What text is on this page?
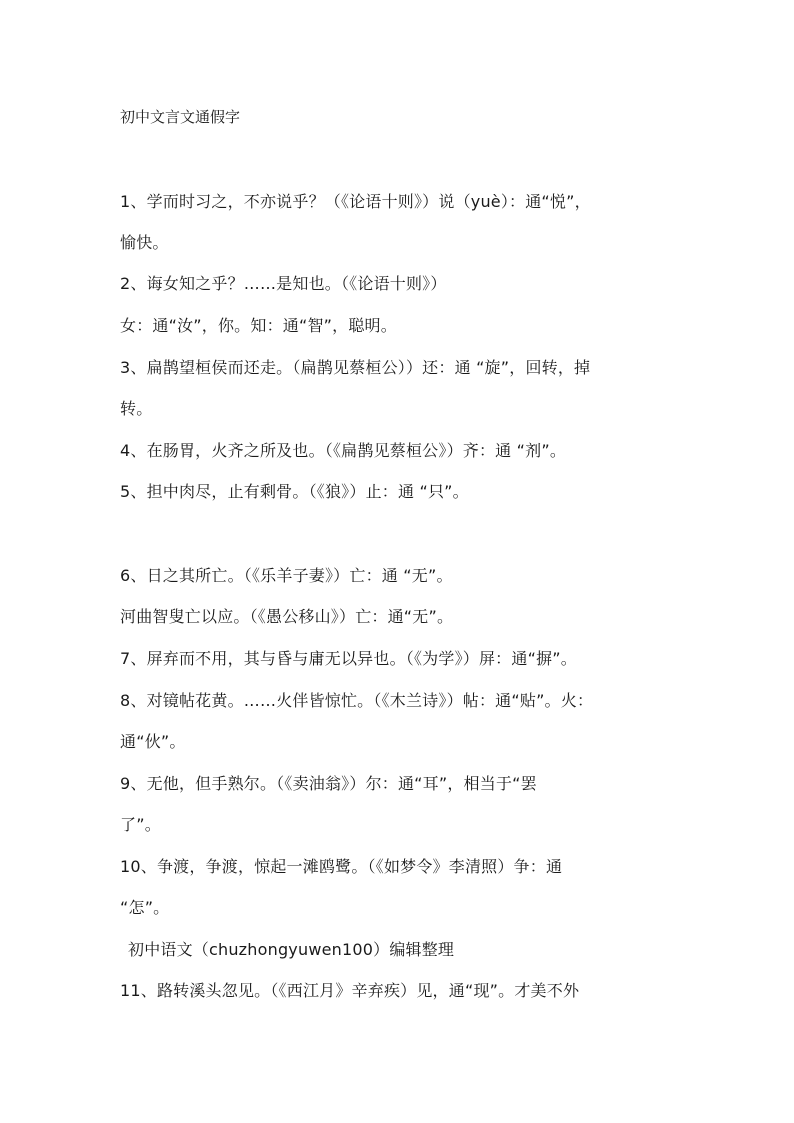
初中文言文通假字
1、学而时习之，不亦说乎？（《论语十则》）说（yuè）：通“悦”，
愉快。
2、诲女知之乎？……是知也。（《论语十则》）
女：通“汝”，你。知：通“智”，聪明。
3、扁鹊望桓侯而还走。（扁鹊见蔡桓公））还：通 “旋”，回转，掉
转。
4、在肠胃，火齐之所及也。（《扁鹊见蔡桓公》）齐：通 “剂”。
5、担中肉尽，止有剩骨。（《狼》）止：通 “只”。
6、日之其所亡。（《乐羊子妻》）亡：通 “无”。
河曲智叟亡以应。（《愚公移山》）亡：通“无”。
7、屏弃而不用，其与昏与庸无以异也。（《为学》）屏：通“摒”。
8、对镜帖花黄。……火伴皆惊忙。（《木兰诗》）帖：通“贴”。火：
通“伙”。
9、无他，但手熟尔。（《卖油翁》）尔：通“耳”，相当于“罢
了”。
10、争渡，争渡，惊起一滩鸥鹭。（《如梦令》李清照）争：通
“怎”。
初中语文（chuzhongyuwen100）编辑整理
11、路转溪头忽见。（《西江月》辛弃疾）见，通“现”。才美不外
